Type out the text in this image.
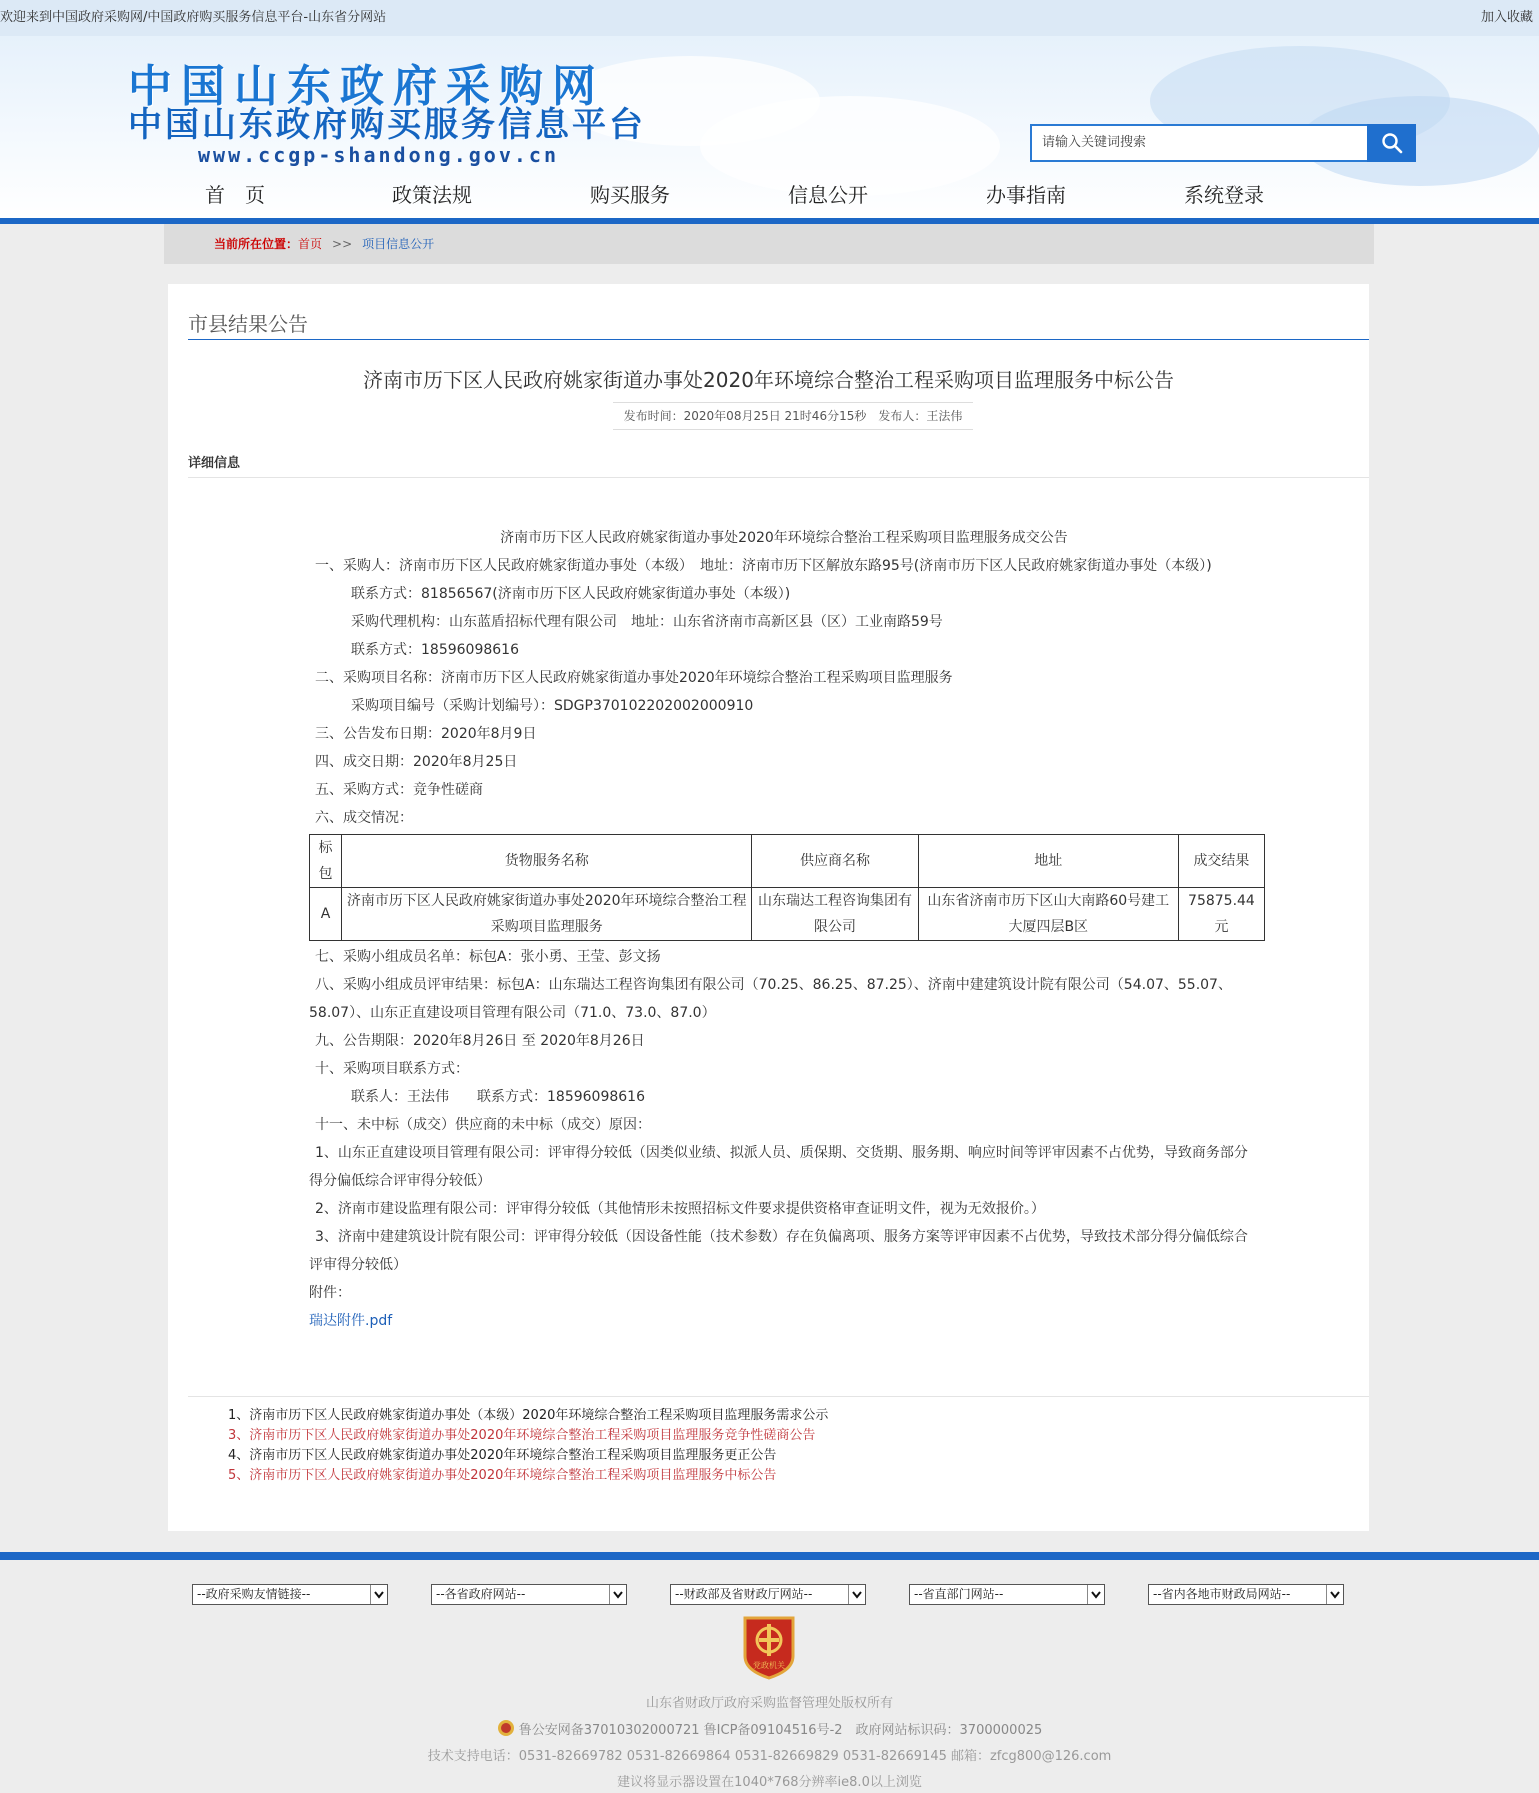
欢迎来到中国政府采购网/中国政府购买服务信息平台-山东省分网站	加入收藏
中国山东政府采购网
中国山东政府购买服务信息平台
www.ccgp-shandong.gov.cn
请输入关键词搜索
首　页	政策法规	购买服务	信息公开	办事指南	系统登录
当前所在位置：首页 >> 项目信息公开
市县结果公告
济南市历下区人民政府姚家街道办事处2020年环境综合整治工程采购项目监理服务中标公告
发布时间：2020年08月25日 21时46分15秒　发布人：王法伟
详细信息

济南市历下区人民政府姚家街道办事处2020年环境综合整治工程采购项目监理服务成交公告

一、采购人：济南市历下区人民政府姚家街道办事处（本级）　地址：济南市历下区解放东路95号(济南市历下区人民政府姚家街道办事处（本级）)

联系方式：81856567(济南市历下区人民政府姚家街道办事处（本级）)

采购代理机构：山东蓝盾招标代理有限公司　地址：山东省济南市高新区县（区）工业南路59号

联系方式：18596098616

二、采购项目名称：济南市历下区人民政府姚家街道办事处2020年环境综合整治工程采购项目监理服务

采购项目编号（采购计划编号）：SDGP370102202002000910

三、公告发布日期：2020年8月9日

四、成交日期：2020年8月25日

五、采购方式：竞争性磋商

六、成交情况：

标包	货物服务名称	供应商名称	地址	成交结果
A	济南市历下区人民政府姚家街道办事处2020年环境综合整治工程采购项目监理服务	山东瑞达工程咨询集团有限公司	山东省济南市历下区山大南路60号建工大厦四层B区	75875.44元

七、采购小组成员名单：标包A：张小勇、王莹、彭文扬

八、采购小组成员评审结果：标包A：山东瑞达工程咨询集团有限公司（70.25、86.25、87.25）、济南中建建筑设计院有限公司（54.07、55.07、58.07）、山东正直建设项目管理有限公司（71.0、73.0、87.0）

九、公告期限：2020年8月26日 至 2020年8月26日

十、采购项目联系方式：

联系人：王法伟　　联系方式：18596098616

十一、未中标（成交）供应商的未中标（成交）原因：

1、山东正直建设项目管理有限公司：评审得分较低（因类似业绩、拟派人员、质保期、交货期、服务期、响应时间等评审因素不占优势，导致商务部分得分偏低综合评审得分较低）

2、济南市建设监理有限公司：评审得分较低（其他情形未按照招标文件要求提供资格审查证明文件，视为无效报价。）

3、济南中建建筑设计院有限公司：评审得分较低（因设备性能（技术参数）存在负偏离项、服务方案等评审因素不占优势，导致技术部分得分偏低综合评审得分较低）

附件：

瑞达附件.pdf

1、济南市历下区人民政府姚家街道办事处（本级）2020年环境综合整治工程采购项目监理服务需求公示
3、济南市历下区人民政府姚家街道办事处2020年环境综合整治工程采购项目监理服务竞争性磋商公告
4、济南市历下区人民政府姚家街道办事处2020年环境综合整治工程采购项目监理服务更正公告
5、济南市历下区人民政府姚家街道办事处2020年环境综合整治工程采购项目监理服务中标公告
--政府采购友情链接--	--各省政府网站--	--财政部及省财政厅网站--	--省直部门网站--	--省内各地市财政局网站--
党政机关
山东省财政厅政府采购监督管理处版权所有
鲁公安网备37010302000721 鲁ICP备09104516号-2　政府网站标识码：3700000025
技术支持电话：0531-82669782 0531-82669864 0531-82669829 0531-82669145 邮箱：zfcg800@126.com
建议将显示器设置在1040*768分辨率ie8.0以上浏览
